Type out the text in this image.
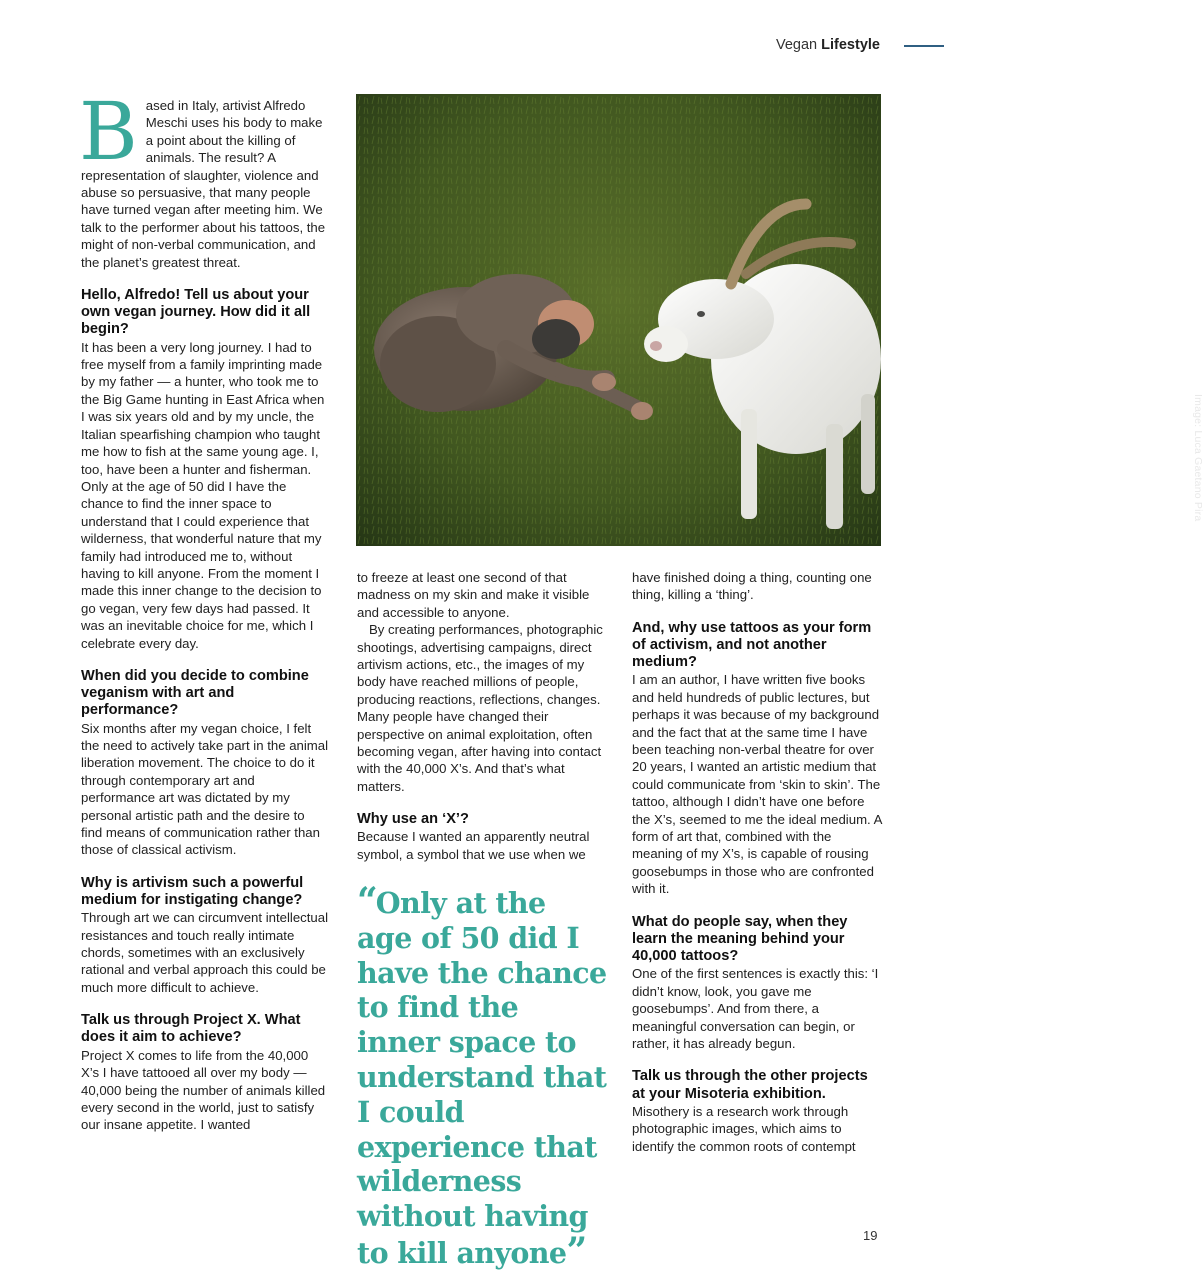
Vegan Lifestyle

Based in Italy, artivist Alfredo Meschi uses his body to make a point about the killing of animals. The result? A representation of slaughter, violence and abuse so persuasive, that many people have turned vegan after meeting him. We talk to the performer about his tattoos, the might of non-verbal communication, and the planet’s greatest threat.

Hello, Alfredo! Tell us about your own vegan journey. How did it all begin?

It has been a very long journey. I had to free myself from a family imprinting made by my father — a hunter, who took me to the Big Game hunting in East Africa when I was six years old and by my uncle, the Italian spearfishing champion who taught me how to fish at the same young age. I, too, have been a hunter and fisherman. Only at the age of 50 did I have the chance to find the inner space to understand that I could experience that wilderness, that wonderful nature that my family had introduced me to, without having to kill anyone. From the moment I made this inner change to the decision to go vegan, very few days had passed. It was an inevitable choice for me, which I celebrate every day.

When did you decide to combine veganism with art and performance?

Six months after my vegan choice, I felt the need to actively take part in the animal liberation movement. The choice to do it through contemporary art and performance art was dictated by my personal artistic path and the desire to find means of communication rather than those of classical activism.

Why is artivism such a powerful medium for instigating change?

Through art we can circumvent intellectual resistances and touch really intimate chords, sometimes with an exclusively rational and verbal approach this could be much more difficult to achieve.

Talk us through Project X. What does it aim to achieve?

Project X comes to life from the 40,000 X’s I have tattooed all over my body — 40,000 being the number of animals killed every second in the world, just to satisfy our insane appetite. I wanted

Image: Luca Gaetano Pira

to freeze at least one second of that madness on my skin and make it visible and accessible to anyone.

By creating performances, photographic shootings, advertising campaigns, direct artivism actions, etc., the images of my body have reached millions of people, producing reactions, reflections, changes. Many people have changed their perspective on animal exploitation, often becoming vegan, after having into contact with the 40,000 X’s. And that’s what matters.

Why use an ‘X’?

Because I wanted an apparently neutral symbol, a symbol that we use when we

“Only at the age of 50 did I have the chance to find the inner space to understand that I could experience that wilderness without having to kill anyone”

have finished doing a thing, counting one thing, killing a ‘thing’.

And, why use tattoos as your form of activism, and not another medium?

I am an author, I have written five books and held hundreds of public lectures, but perhaps it was because of my background and the fact that at the same time I have been teaching non-verbal theatre for over 20 years, I wanted an artistic medium that could communicate from ‘skin to skin’. The tattoo, although I didn’t have one before the X’s, seemed to me the ideal medium. A form of art that, combined with the meaning of my X’s, is capable of rousing goosebumps in those who are confronted with it.

What do people say, when they learn the meaning behind your 40,000 tattoos?

One of the first sentences is exactly this: ‘I didn’t know, look, you gave me goosebumps’. And from there, a meaningful conversation can begin, or rather, it has already begun.

Talk us through the other projects at your Misoteria exhibition.

Misothery is a research work through photographic images, which aims to identify the common roots of contempt

19
